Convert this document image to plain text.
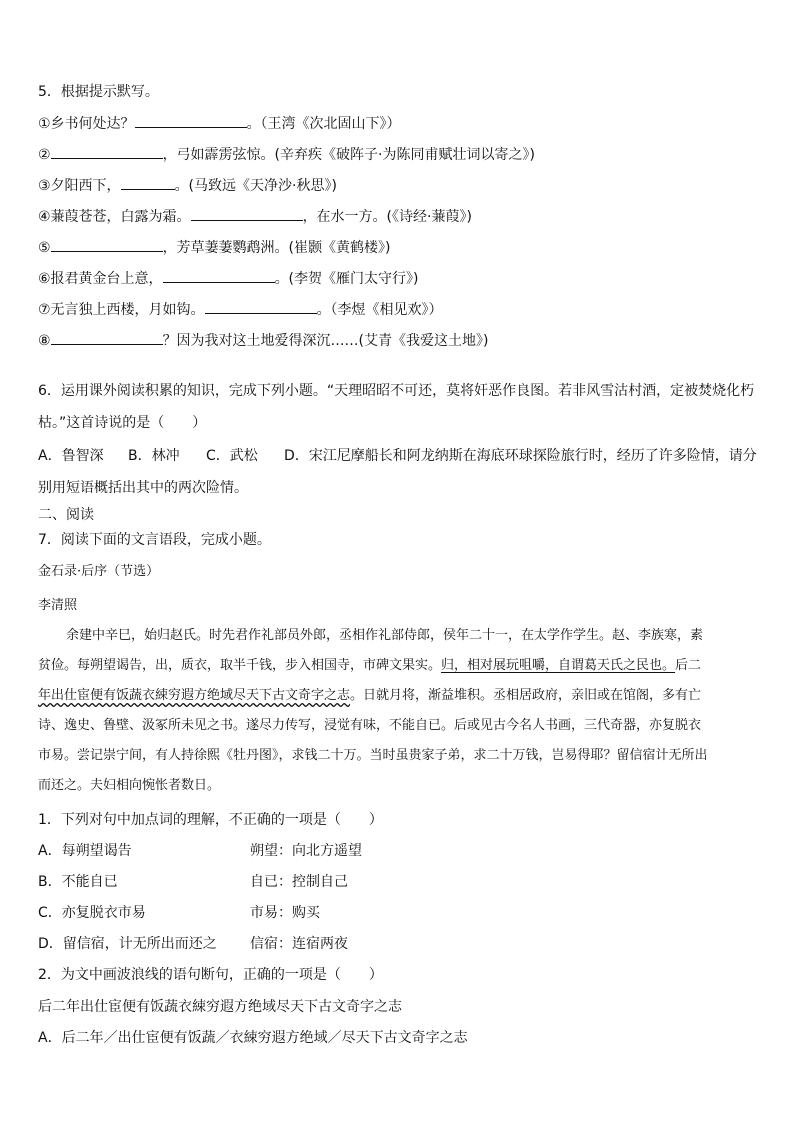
5．根据提示默写。
①乡书何处达？	。（王湾《次北固山下》）
②	，弓如霹雳弦惊。(辛弃疾《破阵子·为陈同甫赋壮词以寄之》)
③夕阳西下，	。(马致远《天净沙·秋思》)
④蒹葭苍苍，白露为霜。	，在水一方。(《诗经·蒹葭》)
⑤	，芳草萋萋鹦鹉洲。(崔颢《黄鹤楼》)
⑥报君黄金台上意，	。(李贺《雁门太守行》)
⑦无言独上西楼，月如钩。	。（李煜《相见欢》）
⑧	？因为我对这土地爱得深沉……(艾青《我爱这土地》)
6．运用课外阅读积累的知识，完成下列小题。“天理昭昭不可还，莫将奸恶作良图。若非风雪沽村酒，定被焚烧化朽
枯。”这首诗说的是（　　）
A．鲁智深 B．林冲 C．武松 D．宋江尼摩船长和阿龙纳斯在海底环球探险旅行时，经历了许多险情，请分
别用短语概括出其中的两次险情。
二、阅读
7．阅读下面的文言语段，完成小题。
金石录·后序（节选）
李清照
余建中辛巳，始归赵氏。时先君作礼部员外郎，丞相作礼部侍郎，侯年二十一，在太学作学生。赵、李族寒，素
贫俭。每朔望谒告，出，质衣，取半千钱，步入相国寺，市碑文果实。归，相对展玩咀嚼，自谓葛天氏之民也。后二
年出仕宦便有饭蔬衣綀穷遐方绝域尽天下古文奇字之志。日就月将，渐益堆积。丞相居政府，亲旧或在馆阁，多有亡
诗、逸史、鲁壁、汲冢所未见之书。遂尽力传写，浸觉有味，不能自已。后或见古今名人书画，三代奇器，亦复脱衣
市易。尝记崇宁间，有人持徐熙《牡丹图》，求钱二十万。当时虽贵家子弟，求二十万钱，岂易得耶？留信宿计无所出
而还之。夫妇相向惋怅者数日。
1．下列对句中加点词的理解，不正确的一项是（　　）
A．每朔望谒告	朔望：向北方遥望
B．不能自已	自已：控制自己
C．亦复脱衣市易	市易：购买
D．留信宿，计无所出而还之 信宿：连宿两夜
2．为文中画波浪线的语句断句，正确的一项是（　　）
后二年出仕宦便有饭蔬衣綀穷遐方绝域尽天下古文奇字之志
A．后二年／出仕宦便有饭蔬／衣綀穷遐方绝域／尽天下古文奇字之志
